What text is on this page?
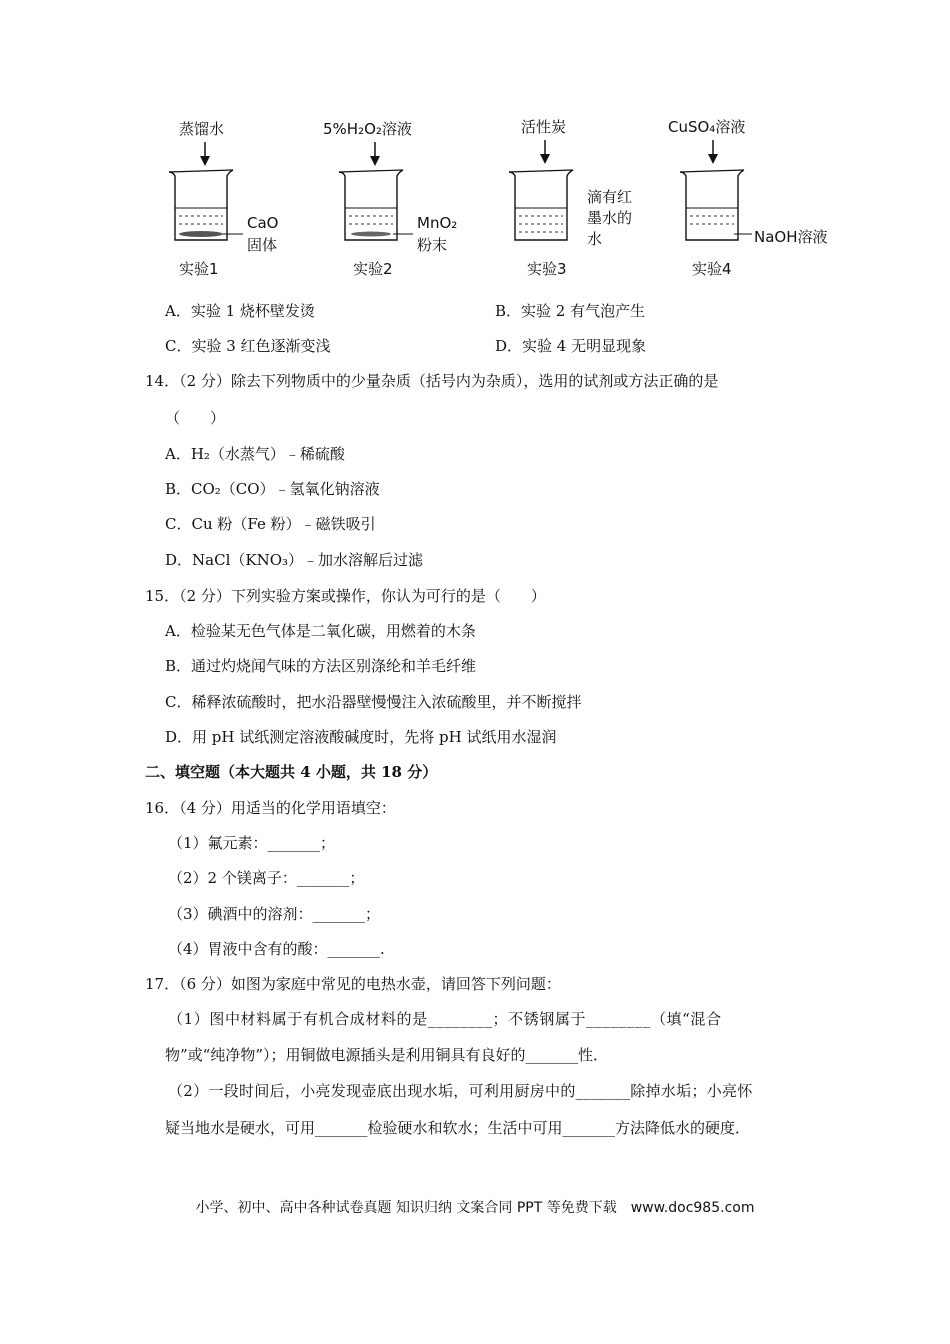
蒸馏水
CaO
固体
实验1
5%H₂O₂溶液
MnO₂
粉末
实验2
活性炭
滴有红
墨水的
水
实验3
CuSO₄溶液
NaOH溶液
实验4
A．实验 1 烧杯壁发烫	B．实验 2 有气泡产生
C．实验 3 红色逐渐变浅	D．实验 4 无明显现象
14．（2 分）除去下列物质中的少量杂质（括号内为杂质），选用的试剂或方法正确的是
（　　）
A．H₂（水蒸气）﹣稀硫酸
B．CO₂（CO）﹣氢氧化钠溶液
C．Cu 粉（Fe 粉）﹣磁铁吸引
D．NaCl（KNO₃）﹣加水溶解后过滤
15．（2 分）下列实验方案或操作，你认为可行的是（　　）
A．检验某无色气体是二氧化碳，用燃着的木条
B．通过灼烧闻气味的方法区别涤纶和羊毛纤维
C．稀释浓硫酸时，把水沿器壁慢慢注入浓硫酸里，并不断搅拌
D．用 pH 试纸测定溶液酸碱度时，先将 pH 试纸用水湿润
二、填空题（本大题共 4 小题，共 18 分）
16．（4 分）用适当的化学用语填空：
（1）氟元素：_______；
（2）2 个镁离子：_______；
（3）碘酒中的溶剂：_______；
（4）胃液中含有的酸：_______.
17．（6 分）如图为家庭中常见的电热水壶，请回答下列问题：
（1）图中材料属于有机合成材料的是________；不锈钢属于________（填“混合
物”或“纯净物”）；用铜做电源插头是利用铜具有良好的_______性．
（2）一段时间后，小亮发现壶底出现水垢，可利用厨房中的_______除掉水垢；小亮怀
疑当地水是硬水，可用_______检验硬水和软水；生活中可用_______方法降低水的硬度．
小学、初中、高中各种试卷真题 知识归纳 文案合同 PPT 等免费下载　www.doc985.com
